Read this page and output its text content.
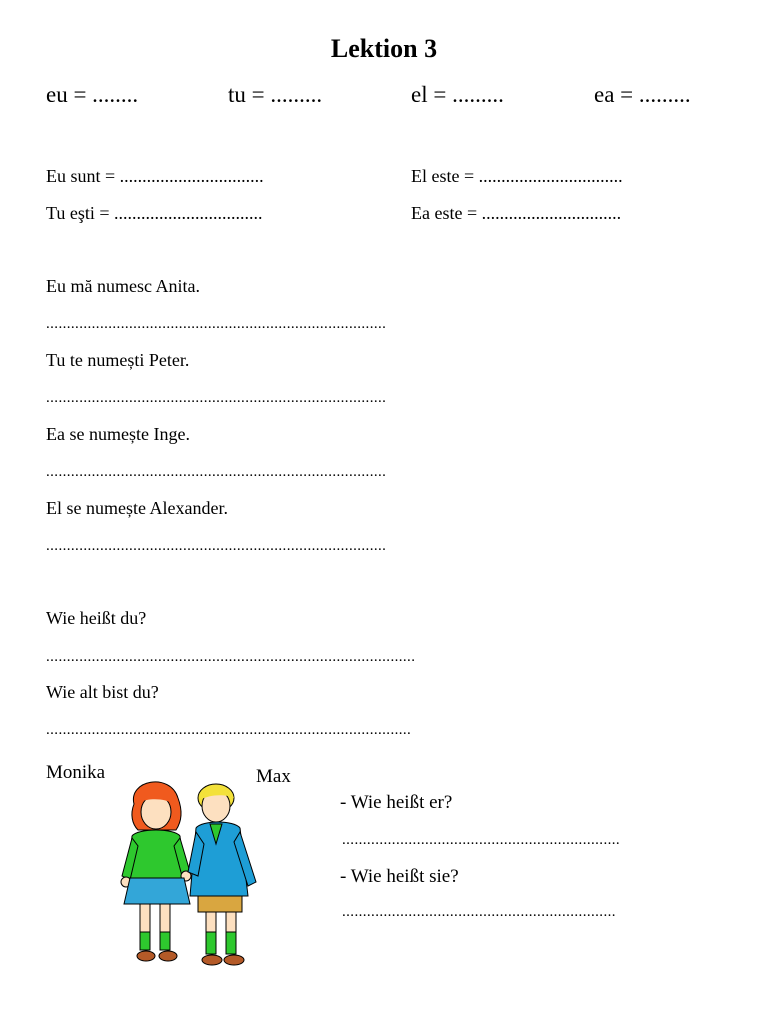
Lektion 3
eu = ........	tu = .........	el = .........	ea = .........
Eu sunt = ................................	El este = ................................
Tu eşti = .................................	Ea este = ...............................
Eu mă numesc Anita.
..................................................................................
Tu te numești Peter.
..................................................................................
Ea se numește Inge.
..................................................................................
El se numește Alexander.
..................................................................................
Wie heißt du?
.........................................................................................
Wie alt bist du?
........................................................................................
Monika	Max
- Wie heißt er?
...................................................................
- Wie heißt sie?
..................................................................
